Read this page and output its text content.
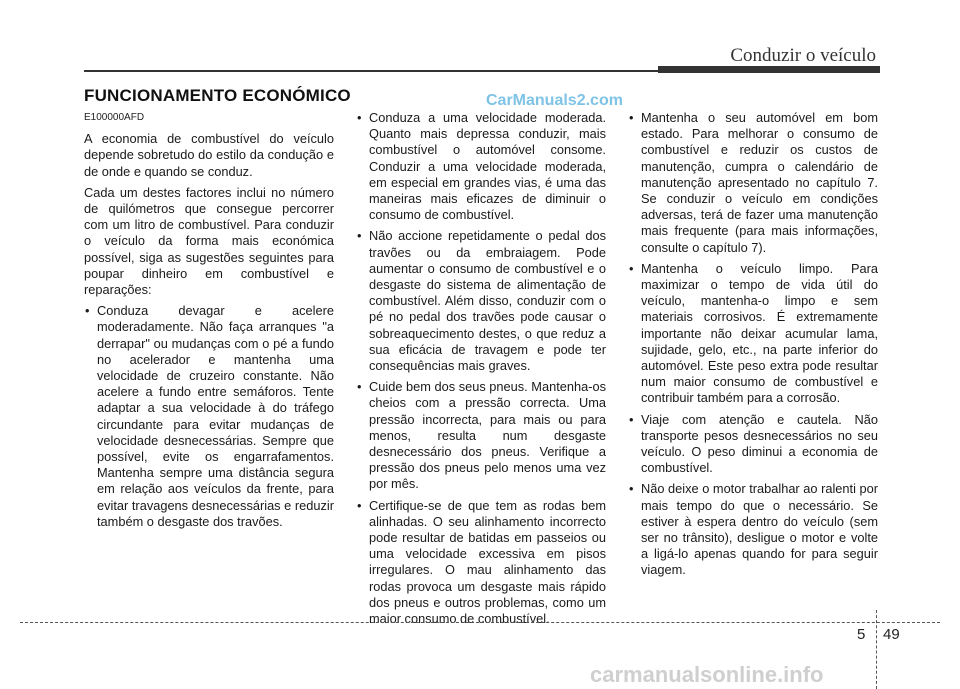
Conduzir o veículo
FUNCIONAMENTO ECONÓMICO	CarManuals2.com

E100000AFD

A economia de combustível do veículo depende sobretudo do estilo da condução e de onde e quando se conduz.

Cada um destes factores inclui no número de quilómetros que consegue percorrer com um litro de combustível. Para conduzir o veículo da forma mais económica possível, siga as sugestões seguintes para poupar dinheiro em combustível e reparações:

• Conduza devagar e acelere moderadamente. Não faça arranques "a derrapar" ou mudanças com o pé a fundo no acelerador e mantenha uma velocidade de cruzeiro constante. Não acelere a fundo entre semáforos. Tente adaptar a sua velocidade à do tráfego circundante para evitar mudanças de velocidade desnecessárias. Sempre que possível, evite os engarrafamentos. Mantenha sempre uma distância segura em relação aos veículos da frente, para evitar travagens desnecessárias e reduzir também o desgaste dos travões.
• Conduza a uma velocidade moderada. Quanto mais depressa conduzir, mais combustível o automóvel consome. Conduzir a uma velocidade moderada, em especial em grandes vias, é uma das maneiras mais eficazes de diminuir o consumo de combustível.
• Não accione repetidamente o pedal dos travões ou da embraiagem. Pode aumentar o consumo de combustível e o desgaste do sistema de alimentação de combustível. Além disso, conduzir com o pé no pedal dos travões pode causar o sobreaquecimento destes, o que reduz a sua eficácia de travagem e pode ter consequências mais graves.
• Cuide bem dos seus pneus. Mantenha-os cheios com a pressão correcta. Uma pressão incorrecta, para mais ou para menos, resulta num desgaste desnecessário dos pneus. Verifique a pressão dos pneus pelo menos uma vez por mês.
• Certifique-se de que tem as rodas bem alinhadas. O seu alinhamento incorrecto pode resultar de batidas em passeios ou uma velocidade excessiva em pisos irregulares. O mau alinhamento das rodas provoca um desgaste mais rápido dos pneus e outros problemas, como um maior consumo de combustível.
• Mantenha o seu automóvel em bom estado. Para melhorar o consumo de combustível e reduzir os custos de manutenção, cumpra o calendário de manutenção apresentado no capítulo 7. Se conduzir o veículo em condições adversas, terá de fazer uma manutenção mais frequente (para mais informações, consulte o capítulo 7).
• Mantenha o veículo limpo. Para maximizar o tempo de vida útil do veículo, mantenha-o limpo e sem materiais corrosivos. É extremamente importante não deixar acumular lama, sujidade, gelo, etc., na parte inferior do automóvel. Este peso extra pode resultar num maior consumo de combustível e contribuir também para a corrosão.
• Viaje com atenção e cautela. Não transporte pesos desnecessários no seu veículo. O peso diminui a economia de combustível.
• Não deixe o motor trabalhar ao ralenti por mais tempo do que o necessário. Se estiver à espera dentro do veículo (sem ser no trânsito), desligue o motor e volte a ligá-lo apenas quando for para seguir viagem.
5 49
carmanualsonline.info
